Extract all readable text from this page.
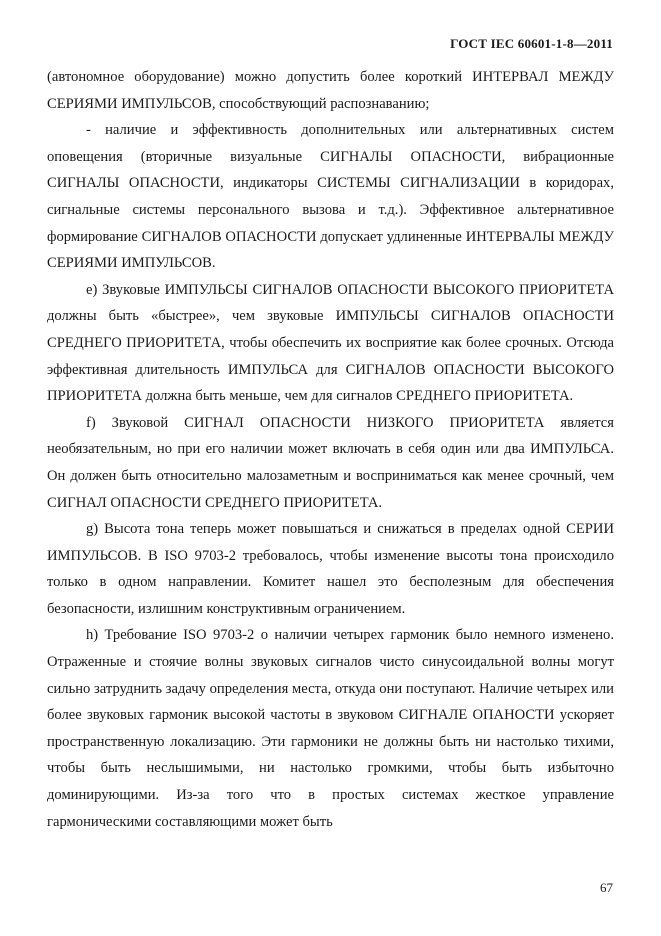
ГОСТ IEC 60601-1-8—2011

(автономное оборудование) можно допустить более короткий ИНТЕРВАЛ МЕЖДУ СЕРИЯМИ ИМПУЛЬСОВ, способствующий распознаванию;

- наличие и эффективность дополнительных или альтернативных систем оповещения (вторичные визуальные СИГНАЛЫ ОПАСНОСТИ, вибрационные СИГНАЛЫ ОПАСНОСТИ, индикаторы СИСТЕМЫ СИГНАЛИЗАЦИИ в коридорах, сигнальные системы персонального вызова и т.д.). Эффективное альтернативное формирование СИГНАЛОВ ОПАСНОСТИ допускает удлиненные ИНТЕРВАЛЫ МЕЖДУ СЕРИЯМИ ИМПУЛЬСОВ.

e) Звуковые ИМПУЛЬСЫ СИГНАЛОВ ОПАСНОСТИ ВЫСОКОГО ПРИОРИТЕТА должны быть «быстрее», чем звуковые ИМПУЛЬСЫ СИГНАЛОВ ОПАСНОСТИ СРЕДНЕГО ПРИОРИТЕТА, чтобы обеспечить их восприятие как более срочных. Отсюда эффективная длительность ИМПУЛЬСА для СИГНАЛОВ ОПАСНОСТИ ВЫСОКОГО ПРИОРИТЕТА должна быть меньше, чем для сигналов СРЕДНЕГО ПРИОРИТЕТА.

f) Звуковой СИГНАЛ ОПАСНОСТИ НИЗКОГО ПРИОРИТЕТА является необязательным, но при его наличии может включать в себя один или два ИМПУЛЬСА. Он должен быть относительно малозаметным и восприниматься как менее срочный, чем СИГНАЛ ОПАСНОСТИ СРЕДНЕГО ПРИОРИТЕТА.

g) Высота тона теперь может повышаться и снижаться в пределах одной СЕРИИ ИМПУЛЬСОВ. В ISO 9703-2 требовалось, чтобы изменение высоты тона происходило только в одном направлении. Комитет нашел это бесполезным для обеспечения безопасности, излишним конструктивным ограничением.

h) Требование ISO 9703-2 о наличии четырех гармоник было немного изменено. Отраженные и стоячие волны звуковых сигналов чисто синусоидальной волны могут сильно затруднить задачу определения места, откуда они поступают. Наличие четырех или более звуковых гармоник высокой частоты в звуковом СИГНАЛЕ ОПАНОСТИ ускоряет пространственную локализацию. Эти гармоники не должны быть ни настолько тихими, чтобы быть неслышимыми, ни настолько громкими, чтобы быть избыточно доминирующими. Из-за того что в простых системах жесткое управление гармоническими составляющими может быть

67
